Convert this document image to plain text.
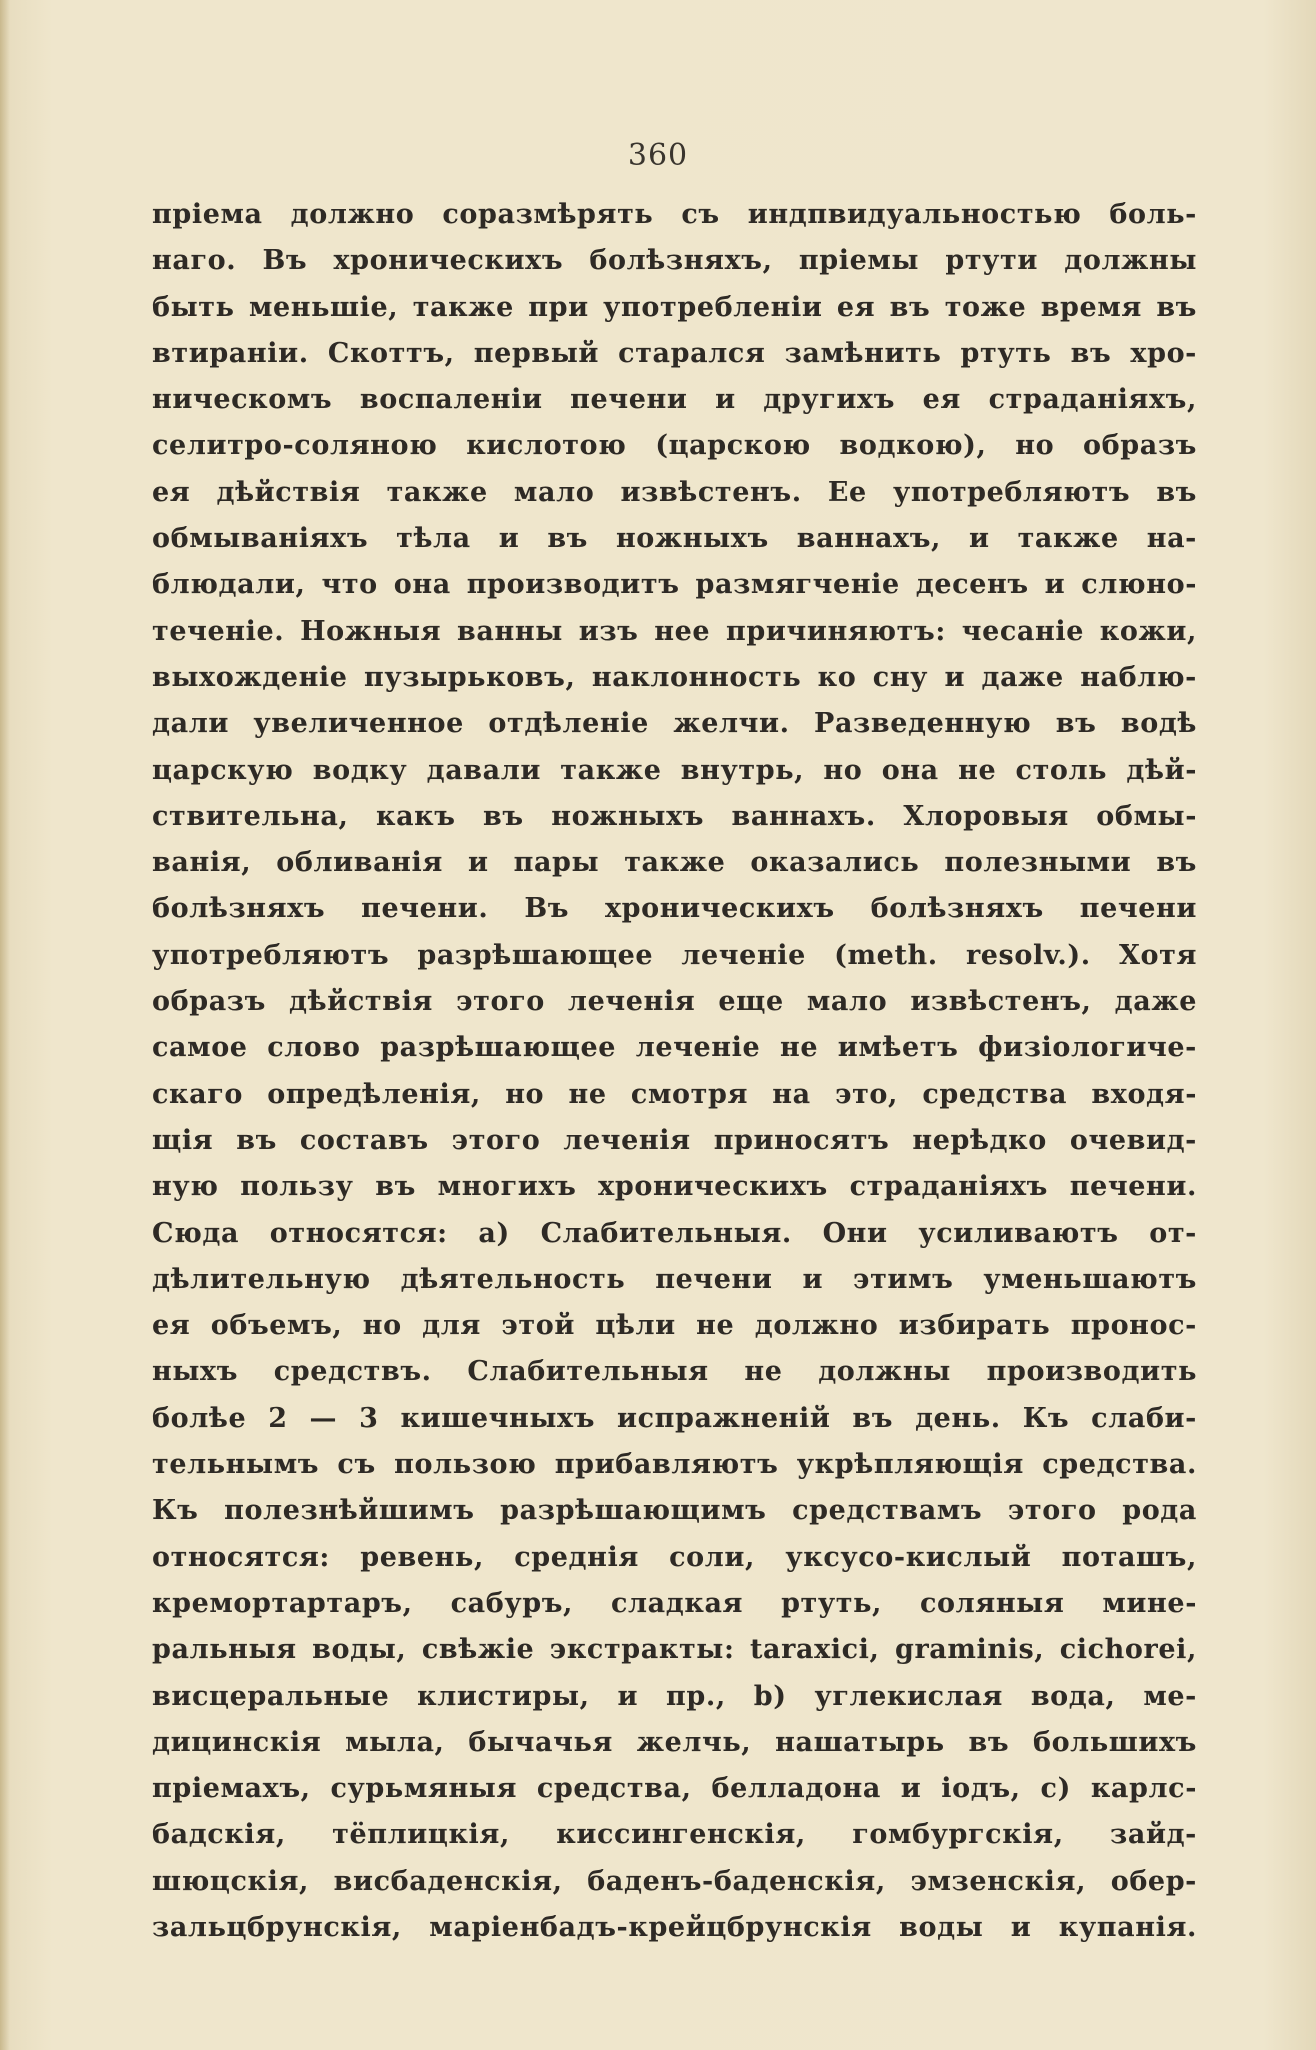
360
пріема должно соразмѣрять съ индпвидуальностью боль-
наго. Въ хроническихъ болѣзняхъ, пріемы ртути должны
быть меньшіе, также при употребленіи ея въ тоже время въ
втираніи. Скоттъ, первый старался замѣнить ртуть въ хро-
ническомъ воспаленіи печени и другихъ ея страданіяхъ,
селитро-соляною кислотою (царскою водкою), но образъ
ея дѣйствія также мало извѣстенъ. Ее употребляютъ въ
обмываніяхъ тѣла и въ ножныхъ ваннахъ, и также на-
блюдали, что она производитъ размягченіе десенъ и слюно-
теченіе. Ножныя ванны изъ нее причиняютъ: чесаніе кожи,
выхожденіе пузырьковъ, наклонность ко сну и даже наблю-
дали увеличенное отдѣленіе желчи. Разведенную въ водѣ
царскую водку давали также внутрь, но она не столь дѣй-
ствительна, какъ въ ножныхъ ваннахъ. Хлоровыя обмы-
ванія, обливанія и пары также оказались полезными въ
болѣзняхъ печени. Въ хроническихъ болѣзняхъ печени
употребляютъ разрѣшающее леченіе (meth. resolv.). Хотя
образъ дѣйствія этого леченія еще мало извѣстенъ, даже
самое слово разрѣшающее леченіе не имѣетъ физіологиче-
скаго опредѣленія, но не смотря на это, средства входя-
щія въ составъ этого леченія приносятъ нерѣдко очевид-
ную пользу въ многихъ хроническихъ страданіяхъ печени.
Сюда относятся: а) Слабительныя. Они усиливаютъ от-
дѣлительную дѣятельность печени и этимъ уменьшаютъ
ея объемъ, но для этой цѣли не должно избирать пронос-
ныхъ средствъ. Слабительныя не должны производить
болѣе 2 — 3 кишечныхъ испражненій въ день. Къ слаби-
тельнымъ съ пользою прибавляютъ укрѣпляющія средства.
Къ полезнѣйшимъ разрѣшающимъ средствамъ этого рода
относятся: ревень, среднія соли, уксусо-кислый поташъ,
кремортартаръ, сабуръ, сладкая ртуть, соляныя мине-
ральныя воды, свѣжіе экстракты: taraxici, graminis, cichorei,
висцеральные клистиры, и пр., b) углекислая вода, ме-
дицинскія мыла, бычачья желчь, нашатырь въ большихъ
пріемахъ, сурьмяныя средства, белладона и іодъ, c) карлс-
бадскія, тёплицкія, киссингенскія, гомбургскія, зайд-
шюцскія, висбаденскія, баденъ-баденскія, эмзенскія, обер-
зальцбрунскія, маріенбадъ-крейцбрунскія воды и купанія.
